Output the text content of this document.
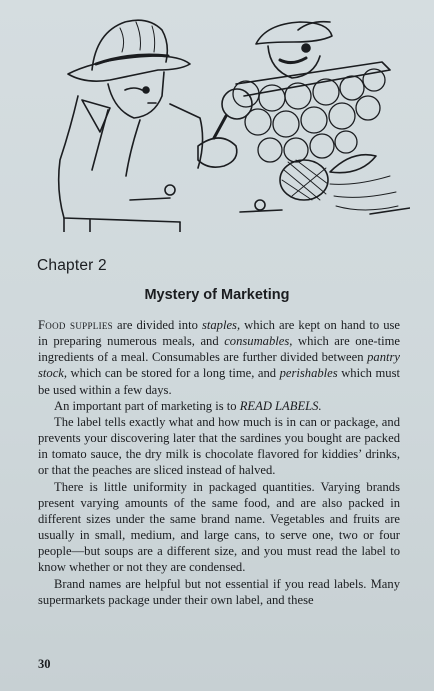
Chapter 2
Mystery of Marketing

Food supplies are divided into staples, which are kept on hand to use in preparing numerous meals, and consumables, which are one-time ingredients of a meal. Consumables are further divided between pantry stock, which can be stored for a long time, and perishables which must be used within a few days.

An important part of marketing is to READ LABELS.

The label tells exactly what and how much is in can or package, and prevents your discovering later that the sardines you bought are packed in tomato sauce, the dry milk is chocolate flavored for kiddies’ drinks, or that the peaches are sliced instead of halved.

There is little uniformity in packaged quantities. Varying brands present varying amounts of the same food, and are also packed in different sizes under the same brand name. Vegetables and fruits are usually in small, medium, and large cans, to serve one, two or four people—but soups are a different size, and you must read the label to know whether or not they are condensed.

Brand names are helpful but not essential if you read labels. Many supermarkets package under their own label, and these

30
